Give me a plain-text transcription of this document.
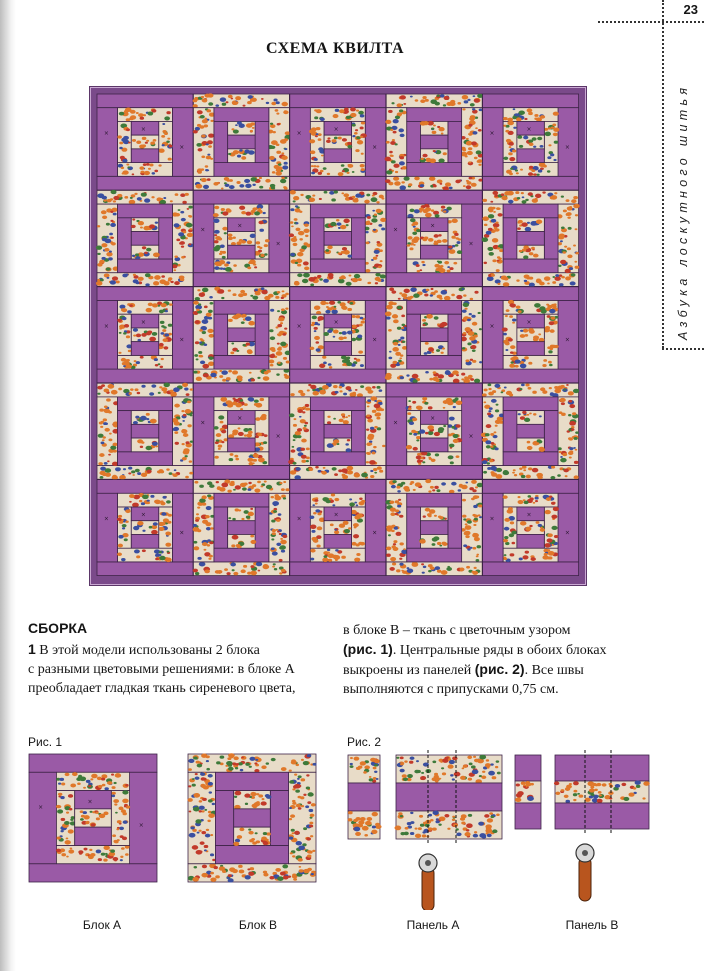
23
Азбука лоскутного шитья
СХЕМА КВИЛТА
×
×
×
×
×
×
×
×
×
×
×
×
×
×
×
×
×
×
×
×
×
×
×
×
×
×
×
×
×
×
×
×
×
×
×
×
×
×
×
СБОРКА
1 В этой модели использованы 2 блока
с разными цветовыми решениями: в блоке А
преобладает гладкая ткань сиреневого цвета,
в блоке В – ткань с цветочным узором
(рис. 1). Центральные ряды в обоих блоках
выкроены из панелей (рис. 2). Все швы
выполняются с припусками 0,75 см.
Рис. 1	Рис. 2
×
×
×
Блок А	Блок В	Панель А	Панель В
